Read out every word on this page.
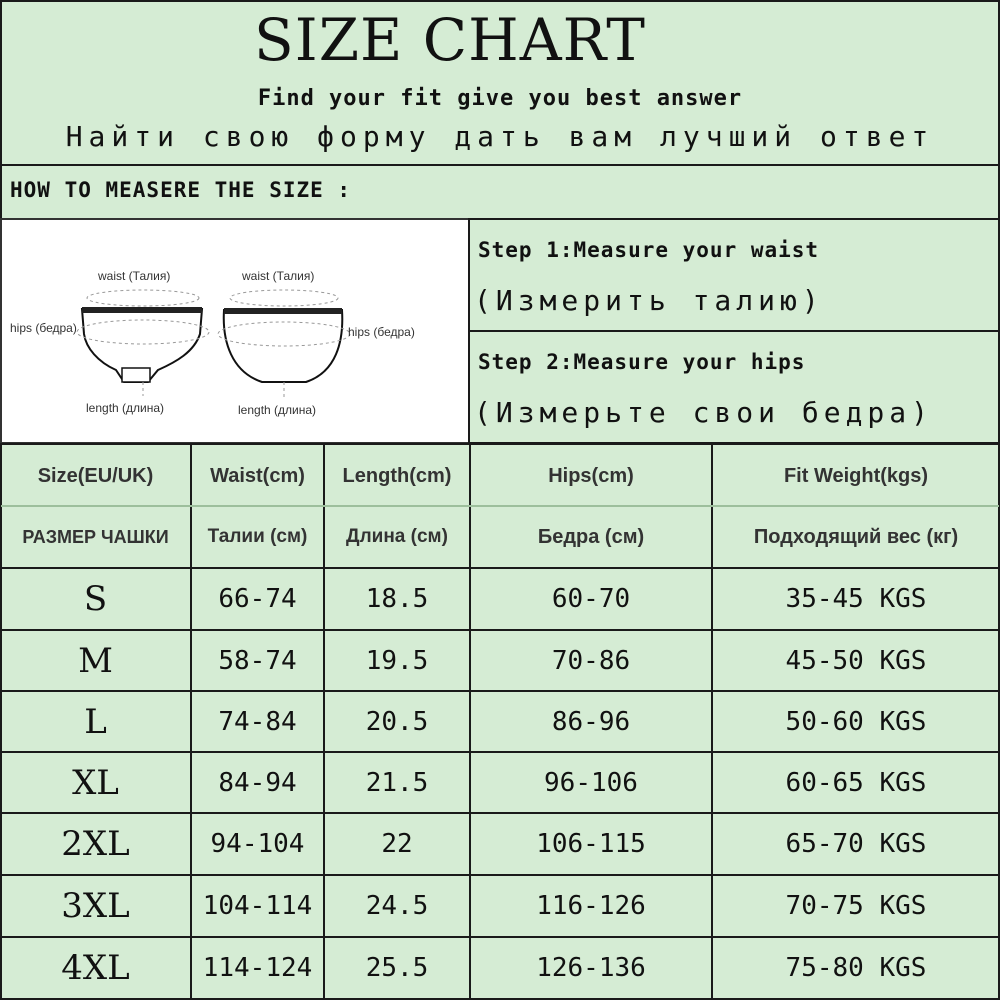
SIZE CHART
Find your fit give you best answer
Найти свою форму дать вам лучший ответ
HOW TO MEASERE THE SIZE :
waist (Талия)
hips (бедра)
length (длина)
waist (Талия)
hips (бедра)
length (длина)
Step 1:Measure your waist
(Измерить талию)
Step 2:Measure your hips
(Измерьте свои бедра)
Size(EU/UK)	Waist(cm)	Length(cm)	Hips(cm)	Fit Weight(kgs)
РАЗМЕР ЧАШКИ	Талии (см)	Длина (см)	Бедра (см)	Подходящий вес (кг)
S	66-74	18.5	60-70	35-45 KGS
M	58-74	19.5	70-86	45-50 KGS
L	74-84	20.5	86-96	50-60 KGS
XL	84-94	21.5	96-106	60-65 KGS
2XL	94-104	22	106-115	65-70 KGS
3XL	104-114	24.5	116-126	70-75 KGS
4XL	114-124	25.5	126-136	75-80 KGS
